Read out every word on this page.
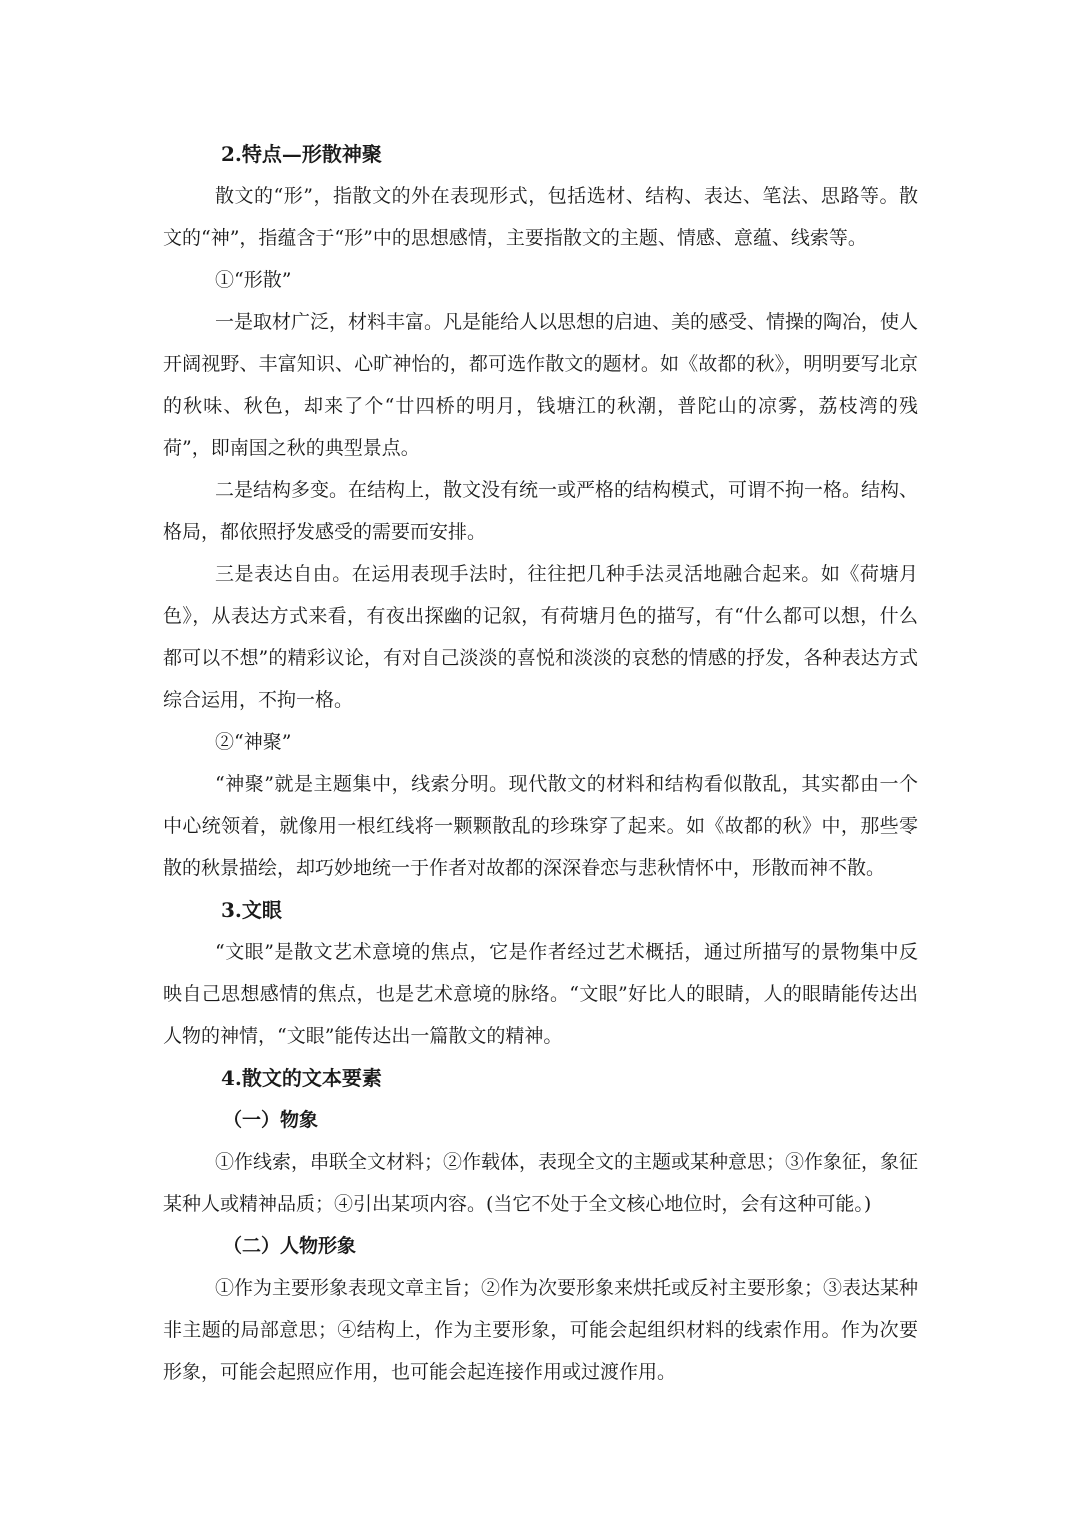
2.特点—形散神聚

散文的“形”，指散文的外在表现形式，包括选材、结构、表达、笔法、思路等。散文的“神”，指蕴含于“形”中的思想感情，主要指散文的主题、情感、意蕴、线索等。

①“形散”

一是取材广泛，材料丰富。凡是能给人以思想的启迪、美的感受、情操的陶冶，使人开阔视野、丰富知识、心旷神怡的，都可选作散文的题材。如《故都的秋》，明明要写北京的秋味、秋色，却来了个“廿四桥的明月，钱塘江的秋潮，普陀山的凉雾，荔枝湾的残荷”，即南国之秋的典型景点。

二是结构多变。在结构上，散文没有统一或严格的结构模式，可谓不拘一格。结构、格局，都依照抒发感受的需要而安排。

三是表达自由。在运用表现手法时，往往把几种手法灵活地融合起来。如《荷塘月色》，从表达方式来看，有夜出探幽的记叙，有荷塘月色的描写，有“什么都可以想，什么都可以不想”的精彩议论，有对自己淡淡的喜悦和淡淡的哀愁的情感的抒发，各种表达方式综合运用，不拘一格。

②“神聚”

“神聚”就是主题集中，线索分明。现代散文的材料和结构看似散乱，其实都由一个中心统领着，就像用一根红线将一颗颗散乱的珍珠穿了起来。如《故都的秋》中，那些零散的秋景描绘，却巧妙地统一于作者对故都的深深眷恋与悲秋情怀中，形散而神不散。

3.文眼

“文眼”是散文艺术意境的焦点，它是作者经过艺术概括，通过所描写的景物集中反映自己思想感情的焦点，也是艺术意境的脉络。“文眼”好比人的眼睛，人的眼睛能传达出人物的神情，“文眼”能传达出一篇散文的精神。

4.散文的文本要素

（一）物象

①作线索，串联全文材料；②作载体，表现全文的主题或某种意思；③作象征，象征某种人或精神品质；④引出某项内容。(当它不处于全文核心地位时，会有这种可能。)

（二）人物形象

①作为主要形象表现文章主旨；②作为次要形象来烘托或反衬主要形象；③表达某种非主题的局部意思；④结构上，作为主要形象，可能会起组织材料的线索作用。作为次要形象，可能会起照应作用，也可能会起连接作用或过渡作用。
